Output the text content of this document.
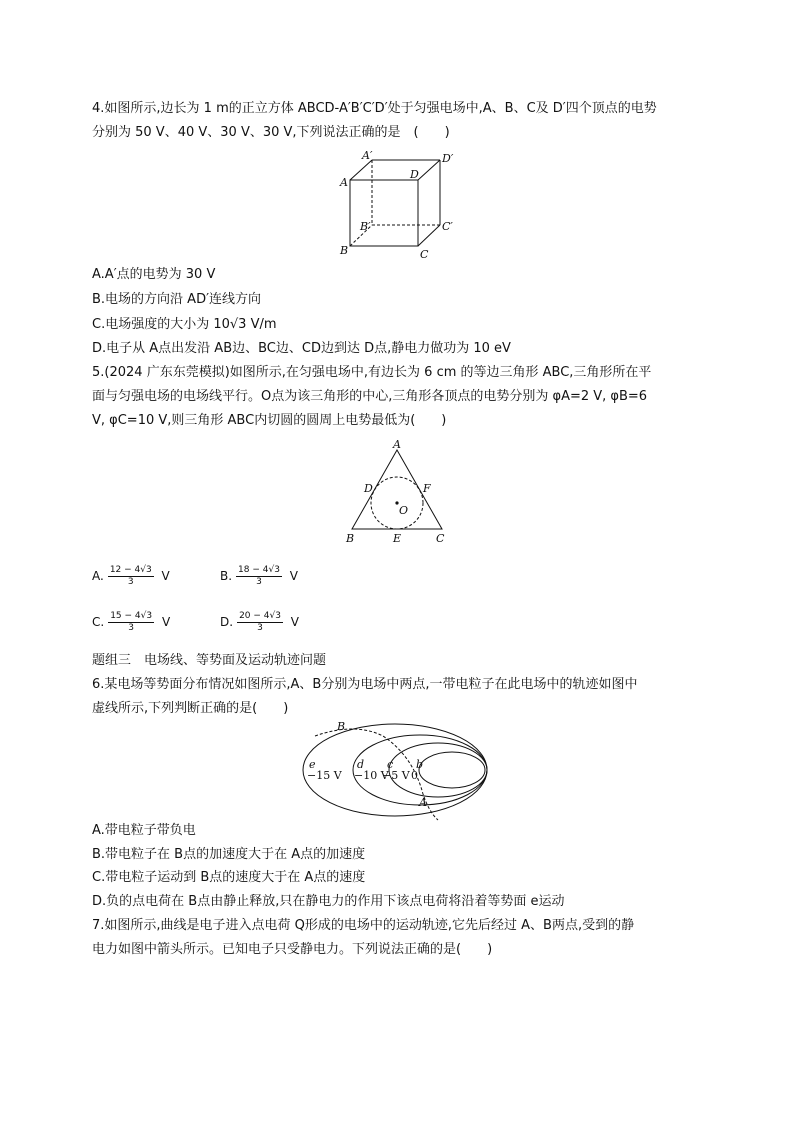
4.如图所示,边长为 1 m的正立方体 ABCD-A′B′C′D′处于匀强电场中,A、B、C及 D′四个顶点的电势
分别为 50 V、40 V、30 V、30 V,下列说法正确的是　(　　)
A′	D′
A
D
B′	C′
B	C
A.A′点的电势为 30 V
B.电场的方向沿 AD′连线方向
C.电场强度的大小为 10√3 V/m
D.电子从 A点出发沿 AB边、BC边、CD边到达 D点,静电力做功为 10 eV
5.(2024 广东东莞模拟)如图所示,在匀强电场中,有边长为 6 cm 的等边三角形 ABC,三角形所在平
面与匀强电场的电场线平行。O点为该三角形的中心,三角形各顶点的电势分别为 φA=2 V, φB=6
V, φC=10 V,则三角形 ABC内切圆的圆周上电势最低为(　　)
A
D	F
O
B	E	C
A. $\frac{12 - 4√3}{3}$ V	B. $\frac{18 - 4√3}{3}$ V
C. $\frac{15 - 4√3}{3}$ V	D. $\frac{20 - 4√3}{3}$ V
题组三　电场线、等势面及运动轨迹问题
6.某电场等势面分布情况如图所示,A、B分别为电场中两点,一带电粒子在此电场中的轨迹如图中
虚线所示,下列判断正确的是(　　)
B
e
−15 V
d
−10 V
c
−5 V
b
0
A
A.带电粒子带负电
B.带电粒子在 B点的加速度大于在 A点的加速度
C.带电粒子运动到 B点的速度大于在 A点的速度
D.负的点电荷在 B点由静止释放,只在静电力的作用下该点电荷将沿着等势面 e运动
7.如图所示,曲线是电子进入点电荷 Q形成的电场中的运动轨迹,它先后经过 A、B两点,受到的静
电力如图中箭头所示。已知电子只受静电力。下列说法正确的是(　　)
